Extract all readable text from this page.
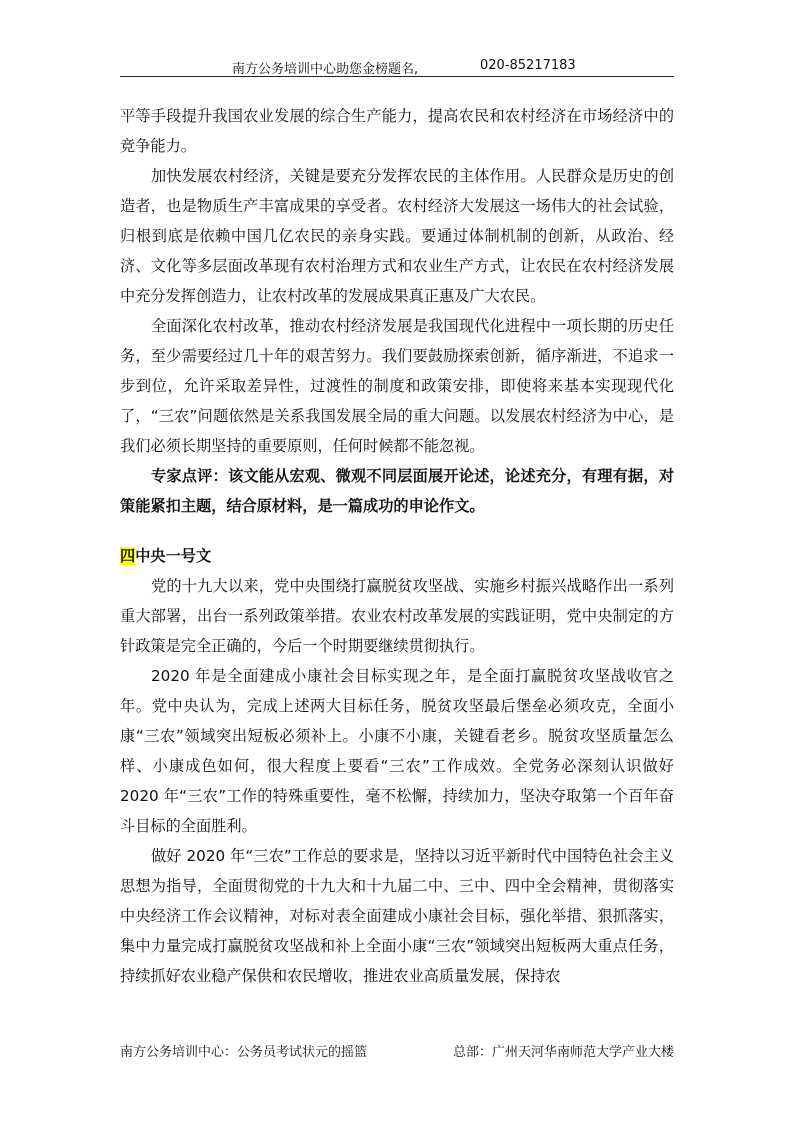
南方公务培训中心助您金榜题名,	020-85217183

平等手段提升我国农业发展的综合生产能力，提高农民和农村经济在市场经济中的竞争能力。

加快发展农村经济，关键是要充分发挥农民的主体作用。人民群众是历史的创造者，也是物质生产丰富成果的享受者。农村经济大发展这一场伟大的社会试验，归根到底是依赖中国几亿农民的亲身实践。要通过体制机制的创新，从政治、经济、文化等多层面改革现有农村治理方式和农业生产方式，让农民在农村经济发展中充分发挥创造力，让农村改革的发展成果真正惠及广大农民。

全面深化农村改革，推动农村经济发展是我国现代化进程中一项长期的历史任务，至少需要经过几十年的艰苦努力。我们要鼓励探索创新，循序渐进，不追求一步到位，允许采取差异性，过渡性的制度和政策安排，即使将来基本实现现代化了，“三农”问题依然是关系我国发展全局的重大问题。以发展农村经济为中心，是我们必须长期坚持的重要原则，任何时候都不能忽视。

专家点评：该文能从宏观、微观不同层面展开论述，论述充分，有理有据，对策能紧扣主题，结合原材料，是一篇成功的申论作文。

四中央一号文

党的十九大以来，党中央围绕打赢脱贫攻坚战、实施乡村振兴战略作出一系列重大部署，出台一系列政策举措。农业农村改革发展的实践证明，党中央制定的方针政策是完全正确的，今后一个时期要继续贯彻执行。

2020 年是全面建成小康社会目标实现之年，是全面打赢脱贫攻坚战收官之年。党中央认为，完成上述两大目标任务，脱贫攻坚最后堡垒必须攻克，全面小康“三农”领域突出短板必须补上。小康不小康，关键看老乡。脱贫攻坚质量怎么样、小康成色如何，很大程度上要看“三农”工作成效。全党务必深刻认识做好 2020 年“三农”工作的特殊重要性，毫不松懈，持续加力，坚决夺取第一个百年奋斗目标的全面胜利。

做好 2020 年“三农”工作总的要求是，坚持以习近平新时代中国特色社会主义思想为指导，全面贯彻党的十九大和十九届二中、三中、四中全会精神，贯彻落实中央经济工作会议精神，对标对表全面建成小康社会目标，强化举措、狠抓落实，集中力量完成打赢脱贫攻坚战和补上全面小康“三农”领域突出短板两大重点任务，持续抓好农业稳产保供和农民增收，推进农业高质量发展，保持农

南方公务培训中心：公务员考试状元的摇篮	总部：广州天河华南师范大学产业大楼
